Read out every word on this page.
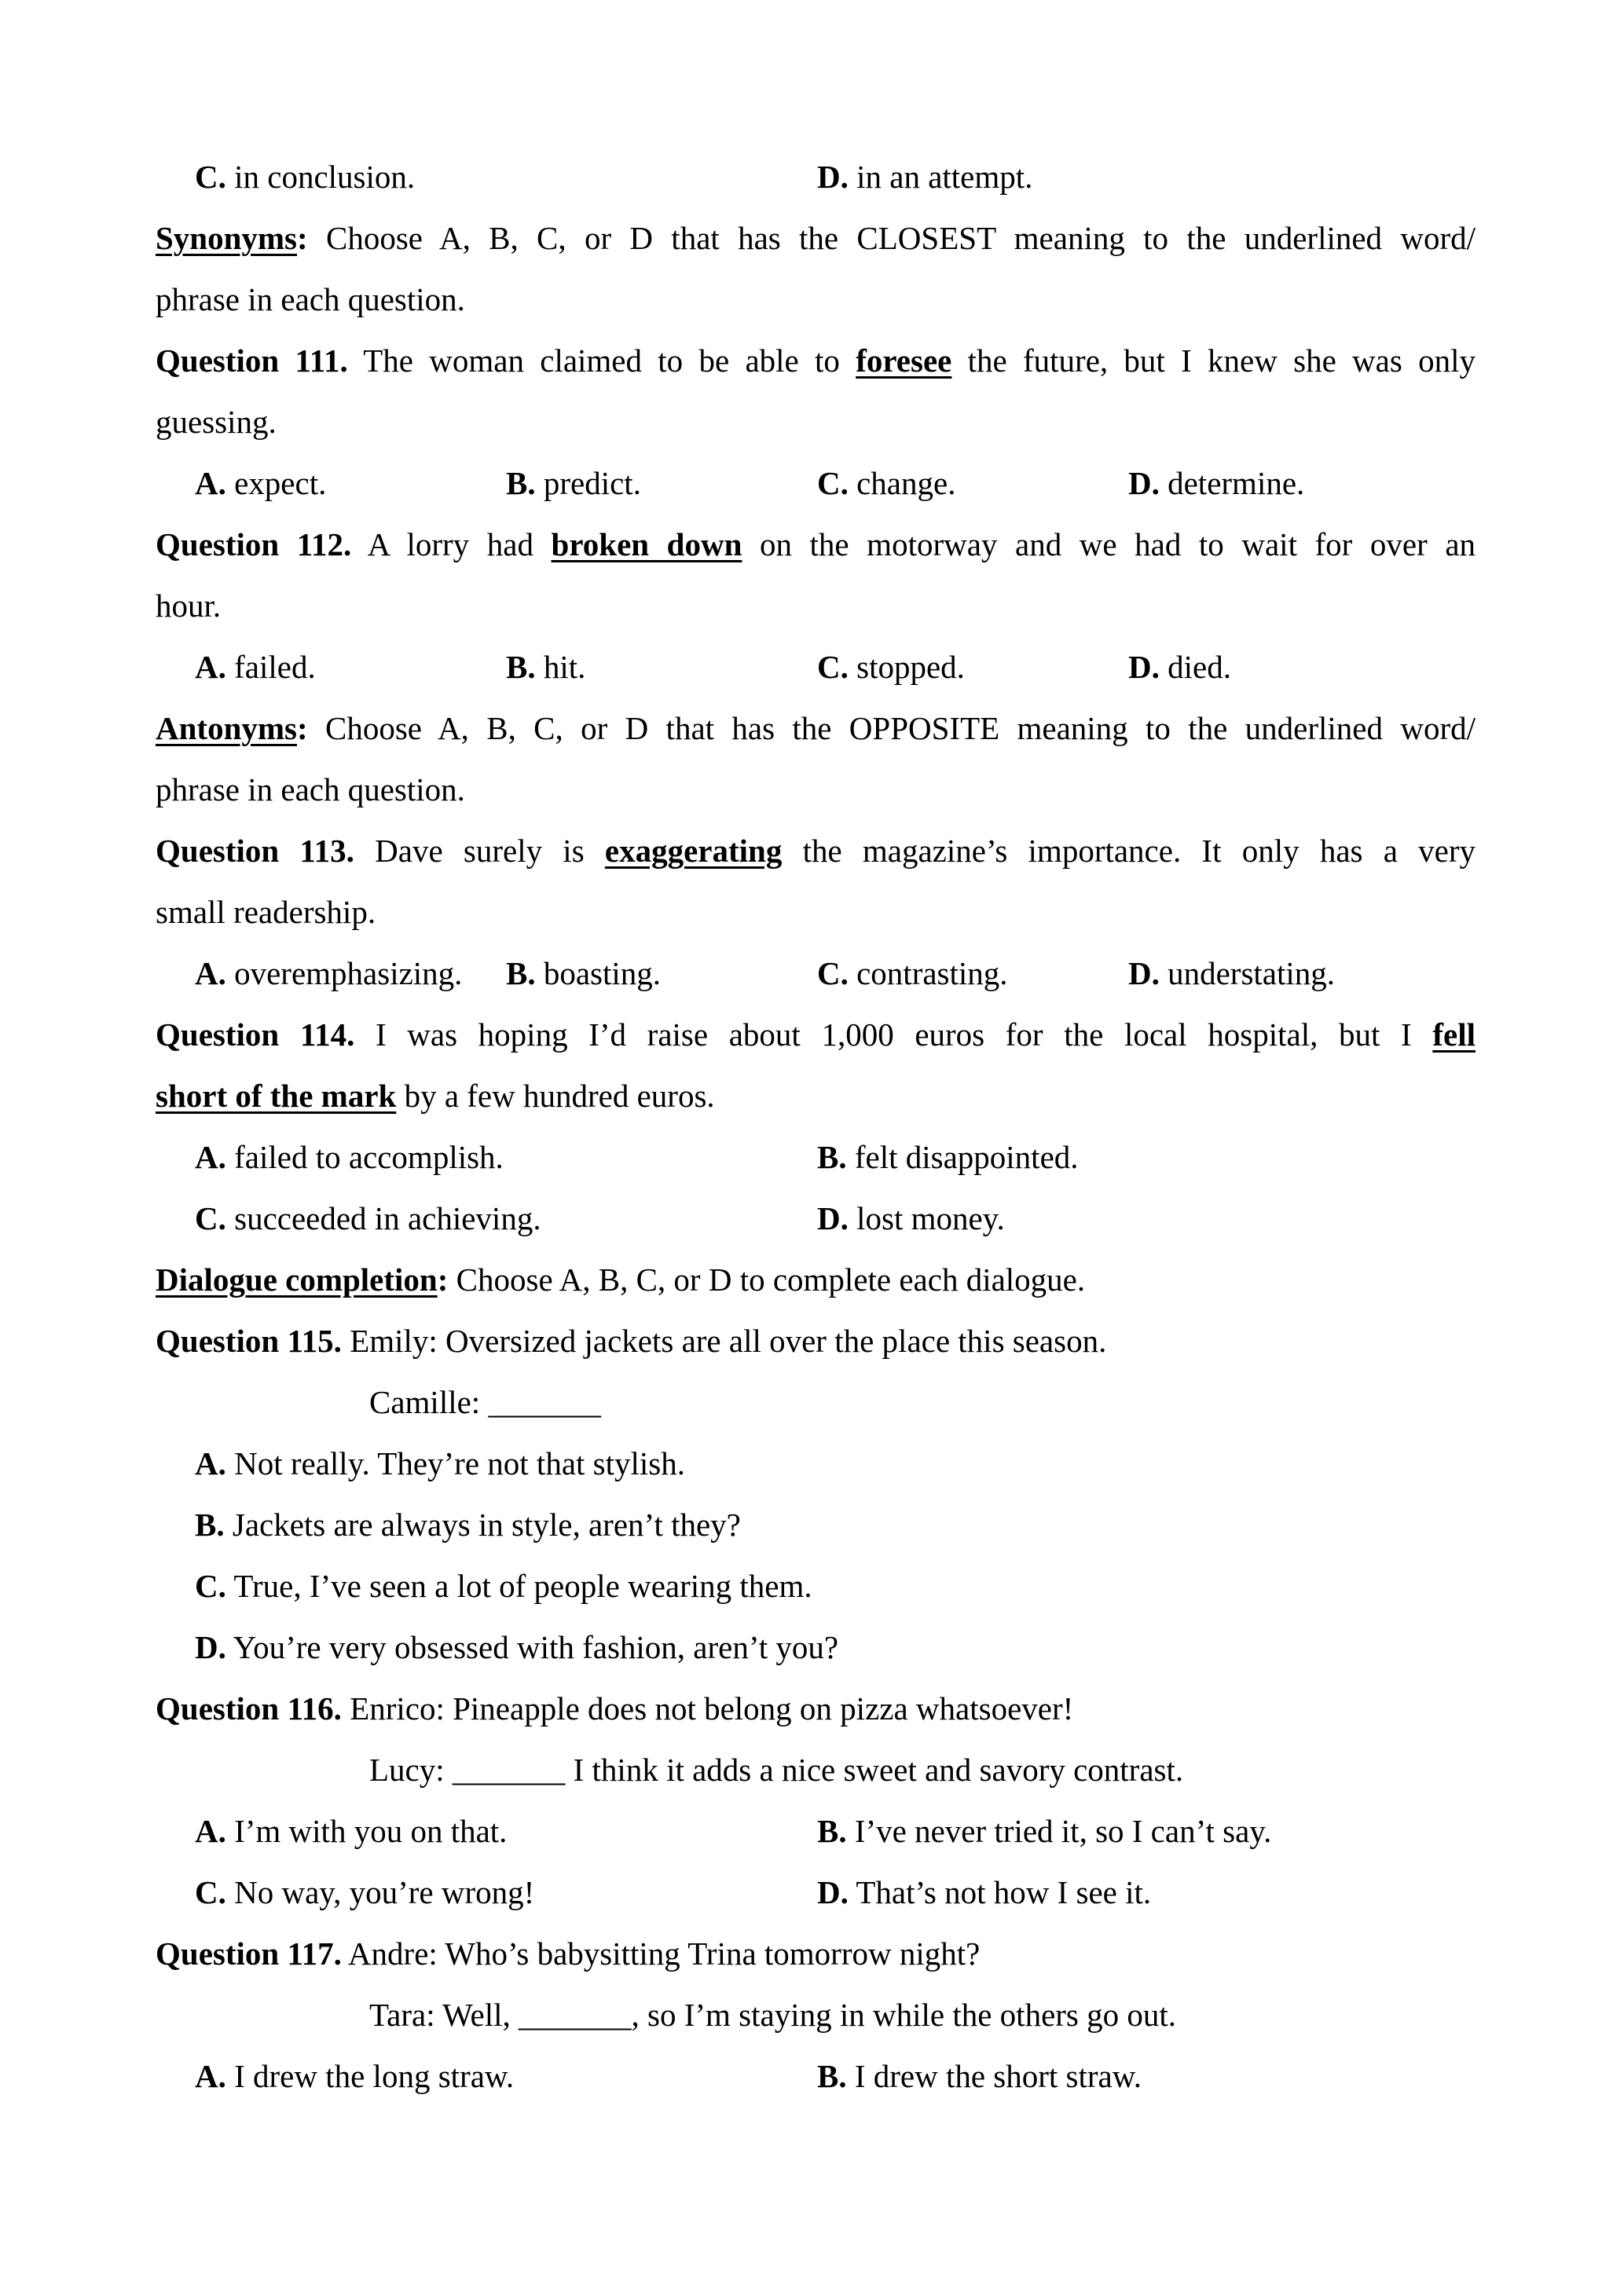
C. in conclusion.	D. in an attempt.
Synonyms: Choose A, B, C, or D that has the CLOSEST meaning to the underlined word/
phrase in each question.
Question 111. The woman claimed to be able to foresee the future, but I knew she was only
guessing.
A. expect.	B. predict.	C. change.	D. determine.
Question 112. A lorry had broken down on the motorway and we had to wait for over an
hour.
A. failed.	B. hit.	C. stopped.	D. died.
Antonyms: Choose A, B, C, or D that has the OPPOSITE meaning to the underlined word/
phrase in each question.
Question 113. Dave surely is exaggerating the magazine’s importance. It only has a very
small readership.
A. overemphasizing. B. boasting.	C. contrasting.	D. understating.
Question 114. I was hoping I’d raise about 1,000 euros for the local hospital, but I fell
short of the mark by a few hundred euros.
A. failed to accomplish.	B. felt disappointed.
C. succeeded in achieving.	D. lost money.
Dialogue completion: Choose A, B, C, or D to complete each dialogue.
Question 115. Emily: Oversized jackets are all over the place this season.
Camille: _______
A. Not really. They’re not that stylish.
B. Jackets are always in style, aren’t they?
C. True, I’ve seen a lot of people wearing them.
D. You’re very obsessed with fashion, aren’t you?
Question 116. Enrico: Pineapple does not belong on pizza whatsoever!
Lucy: _______ I think it adds a nice sweet and savory contrast.
A. I’m with you on that.	B. I’ve never tried it, so I can’t say.
C. No way, you’re wrong!	D. That’s not how I see it.
Question 117. Andre: Who’s babysitting Trina tomorrow night?
Tara: Well, _______, so I’m staying in while the others go out.
A. I drew the long straw.	B. I drew the short straw.
